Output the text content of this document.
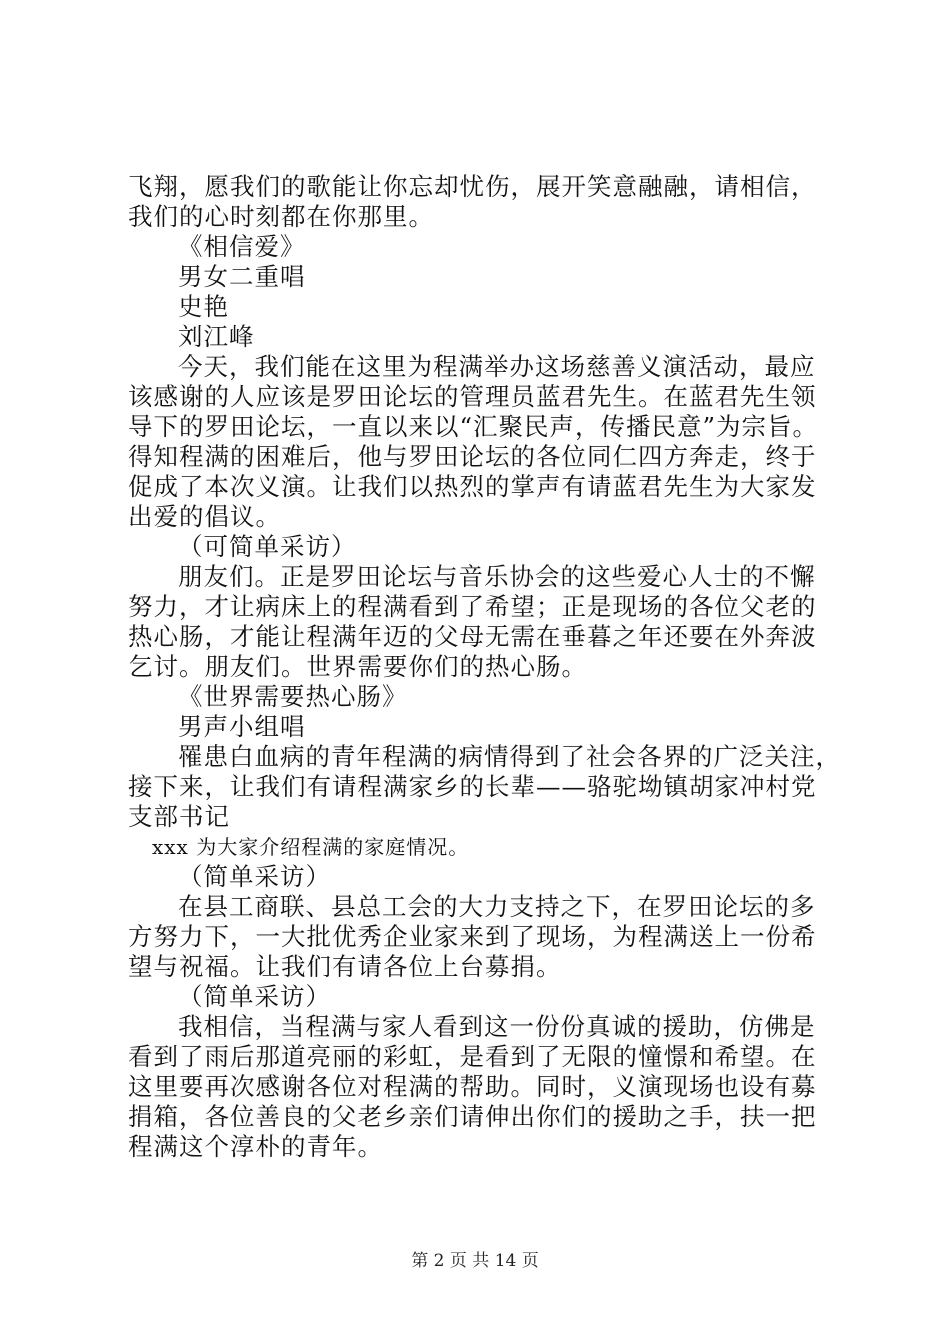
飞翔，愿我们的歌能让你忘却忧伤，展开笑意融融，请相信，
我们的心时刻都在你那里。
《相信爱》
男女二重唱
史艳
刘江峰
今天，我们能在这里为程满举办这场慈善义演活动，最应
该感谢的人应该是罗田论坛的管理员蓝君先生。在蓝君先生领
导下的罗田论坛，一直以来以“汇聚民声，传播民意”为宗旨。
得知程满的困难后，他与罗田论坛的各位同仁四方奔走，终于
促成了本次义演。让我们以热烈的掌声有请蓝君先生为大家发
出爱的倡议。
（可简单采访）
朋友们。正是罗田论坛与音乐协会的这些爱心人士的不懈
努力，才让病床上的程满看到了希望；正是现场的各位父老的
热心肠，才能让程满年迈的父母无需在垂暮之年还要在外奔波
乞讨。朋友们。世界需要你们的热心肠。
《世界需要热心肠》
男声小组唱
罹患白血病的青年程满的病情得到了社会各界的广泛关注，
接下来，让我们有请程满家乡的长辈——骆驼坳镇胡家冲村党
支部书记
xxx 为大家介绍程满的家庭情况。
（简单采访）
在县工商联、县总工会的大力支持之下，在罗田论坛的多
方努力下，一大批优秀企业家来到了现场，为程满送上一份希
望与祝福。让我们有请各位上台募捐。
（简单采访）
我相信，当程满与家人看到这一份份真诚的援助，仿佛是
看到了雨后那道亮丽的彩虹，是看到了无限的憧憬和希望。在
这里要再次感谢各位对程满的帮助。同时，义演现场也设有募
捐箱，各位善良的父老乡亲们请伸出你们的援助之手，扶一把
程满这个淳朴的青年。
第 2 页 共 14 页
